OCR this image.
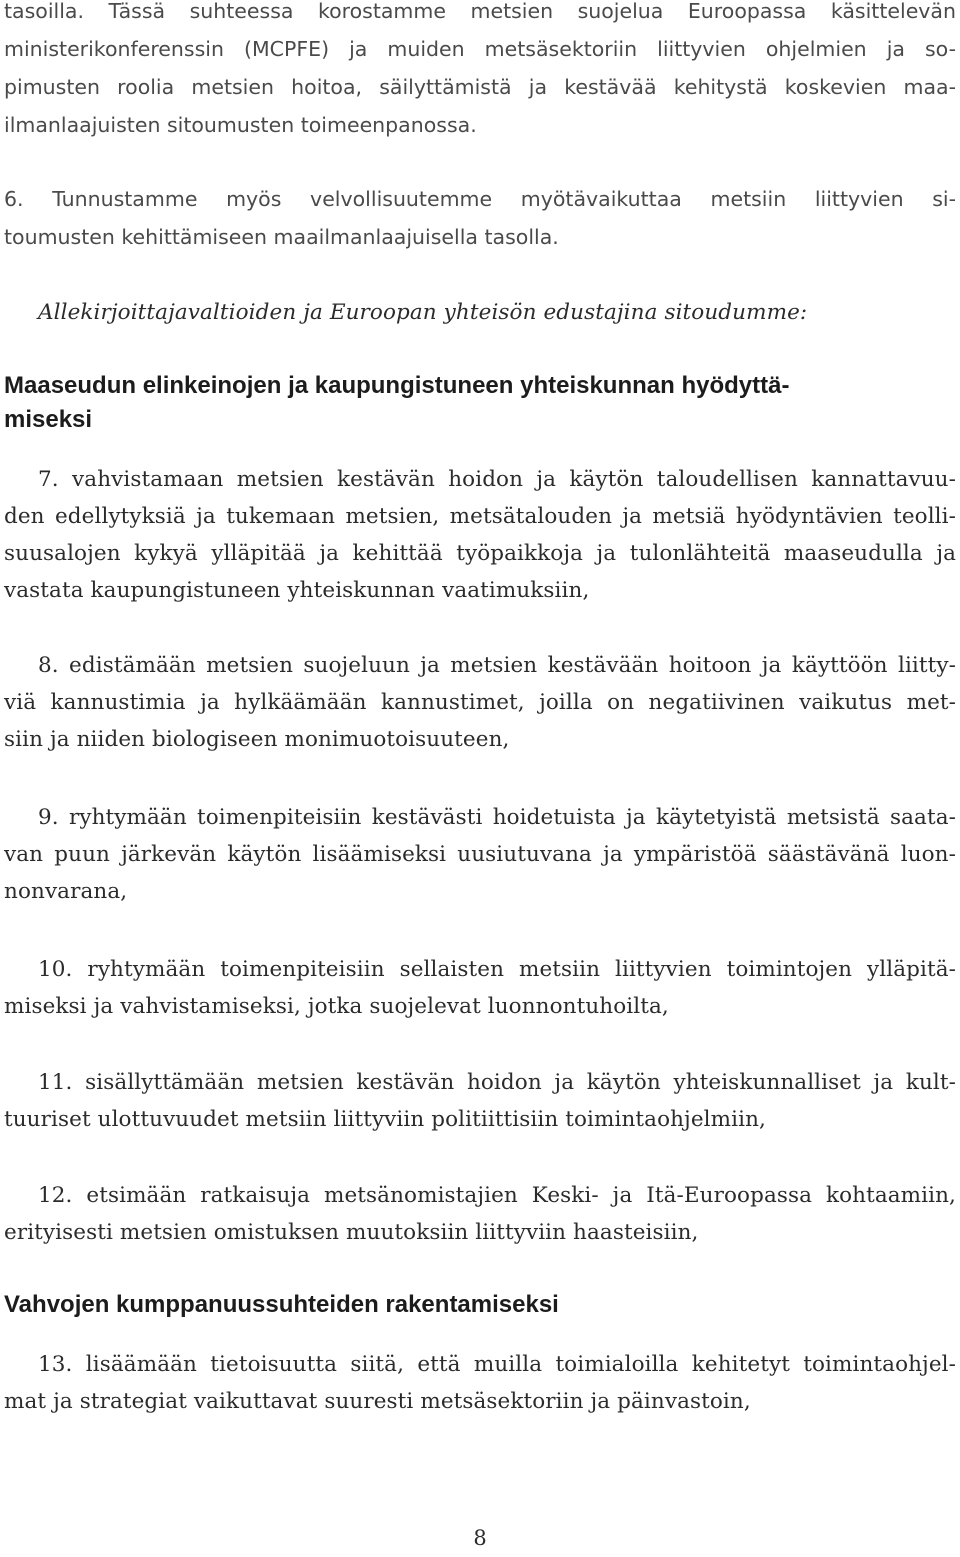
tasoilla. Tässä suhteessa korostamme metsien suojelua Euroopassa käsittelevän
ministerikonferenssin (MCPFE) ja muiden metsäsektoriin liittyvien ohjelmien ja so-
pimusten roolia metsien hoitoa, säilyttämistä ja kestävää kehitystä koskevien maa-
ilmanlaajuisten sitoumusten toimeenpanossa.
6. Tunnustamme myös velvollisuutemme myötävaikuttaa metsiin liittyvien si-
toumusten kehittämiseen maailmanlaajuisella tasolla.
Allekirjoittajavaltioiden ja Euroopan yhteisön edustajina sitoudumme:
Maaseudun elinkeinojen ja kaupungistuneen yhteiskunnan hyödyttä-
miseksi
7. vahvistamaan metsien kestävän hoidon ja käytön taloudellisen kannattavuu-
den edellytyksiä ja tukemaan metsien, metsätalouden ja metsiä hyödyntävien teolli-
suusalojen kykyä ylläpitää ja kehittää työpaikkoja ja tulonlähteitä maaseudulla ja
vastata kaupungistuneen yhteiskunnan vaatimuksiin,
8. edistämään metsien suojeluun ja metsien kestävään hoitoon ja käyttöön liitty-
viä kannustimia ja hylkäämään kannustimet, joilla on negatiivinen vaikutus met-
siin ja niiden biologiseen monimuotoisuuteen,
9. ryhtymään toimenpiteisiin kestävästi hoidetuista ja käytetyistä metsistä saata-
van puun järkevän käytön lisäämiseksi uusiutuvana ja ympäristöä säästävänä luon-
nonvarana,
10. ryhtymään toimenpiteisiin sellaisten metsiin liittyvien toimintojen ylläpitä-
miseksi ja vahvistamiseksi, jotka suojelevat luonnontuhoilta,
11. sisällyttämään metsien kestävän hoidon ja käytön yhteiskunnalliset ja kult-
tuuriset ulottuvuudet metsiin liittyviin politiittisiin toimintaohjelmiin,
12. etsimään ratkaisuja metsänomistajien Keski- ja Itä-Euroopassa kohtaamiin,
erityisesti metsien omistuksen muutoksiin liittyviin haasteisiin,
Vahvojen kumppanuussuhteiden rakentamiseksi
13. lisäämään tietoisuutta siitä, että muilla toimialoilla kehitetyt toimintaohjel-
mat ja strategiat vaikuttavat suuresti metsäsektoriin ja päinvastoin,
8
